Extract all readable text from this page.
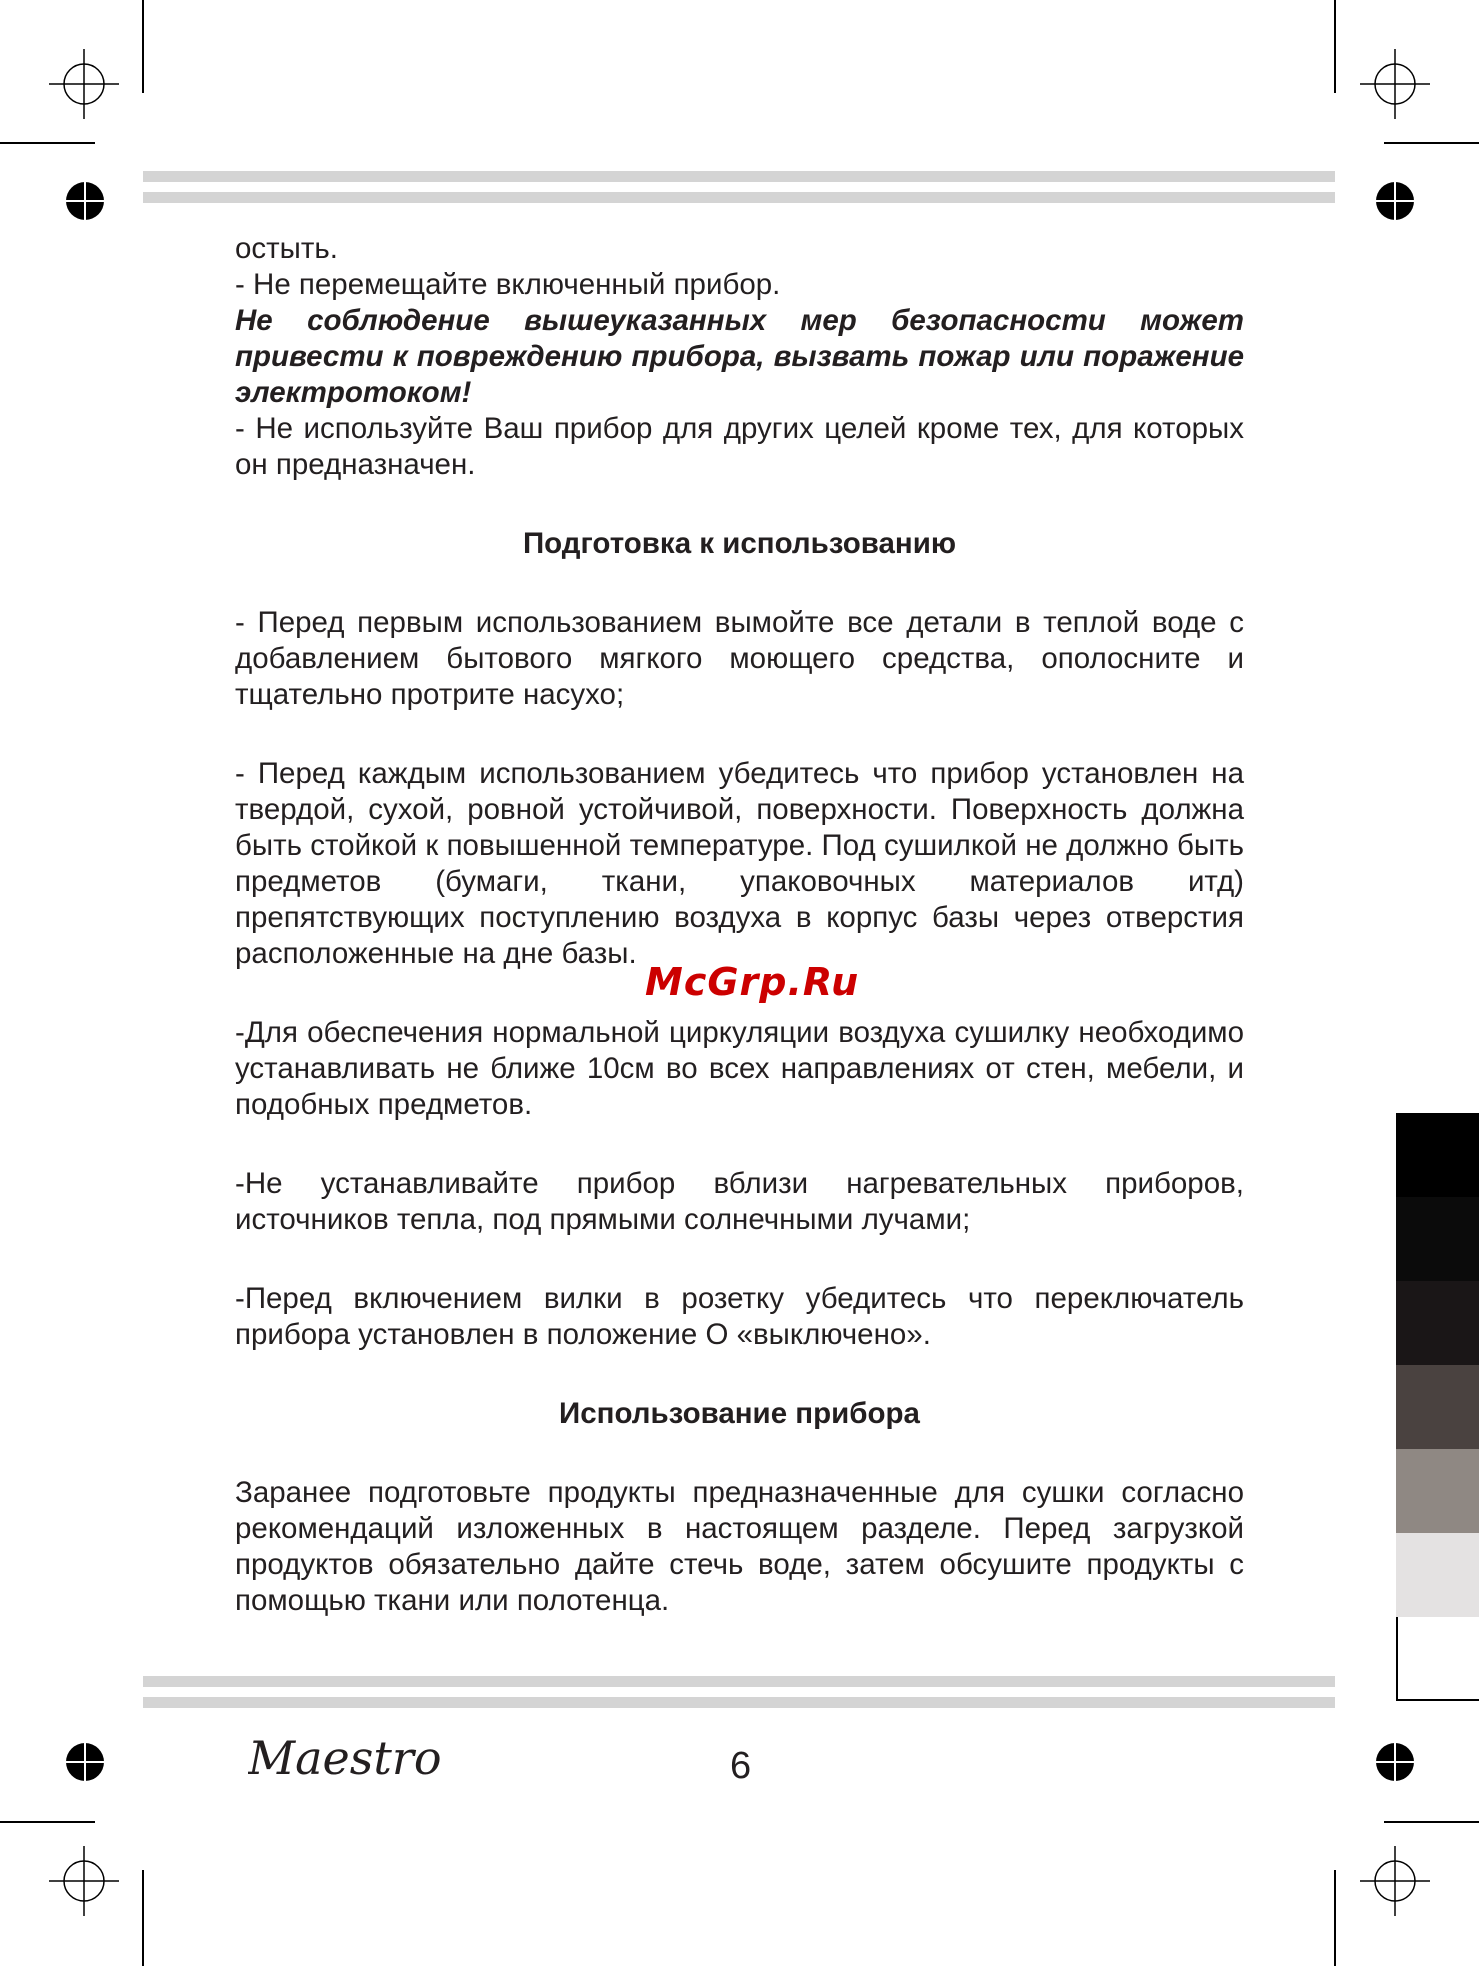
остыть.

- Не перемещайте включенный прибор.

Не соблюдение вышеуказанных мер безопасности может привести к повреждению прибора, вызвать пожар или поражение электротоком!

- Не используйте Ваш прибор для других целей кроме тех, для которых он предназначен.

Подготовка к использованию

- Перед первым использованием вымойте все детали в теплой воде с добавлением бытового мягкого моющего средства, ополосните и тщательно протрите насухо;

- Перед каждым использованием убедитесь что прибор установлен на твердой, сухой, ровной устойчивой, поверхности. Поверхность должна быть стойкой к повышенной температуре. Под сушилкой не должно быть предметов (бумаги, ткани, упаковочных материалов итд) препятствующих поступлению воздуха в корпус базы через отверстия расположенные на дне базы.

-Для обеспечения нормальной циркуляции воздуха сушилку необходимо устанавливать не ближе 10см во всех направлениях от стен, мебели, и подобных предметов.

-Не устанавливайте прибор вблизи нагревательных приборов, источников тепла, под прямыми солнечными лучами;

-Перед включением вилки в розетку убедитесь что переключатель прибора установлен в положение О «выключено».

Использование прибора

Заранее подготовьте продукты предназначенные для сушки согласно рекомендаций изложенных в настоящем разделе. Перед загрузкой продуктов обязательно дайте стечь воде, затем обсушите продукты с помощью ткани или полотенца.

McGrp.Ru
Maestro	6
